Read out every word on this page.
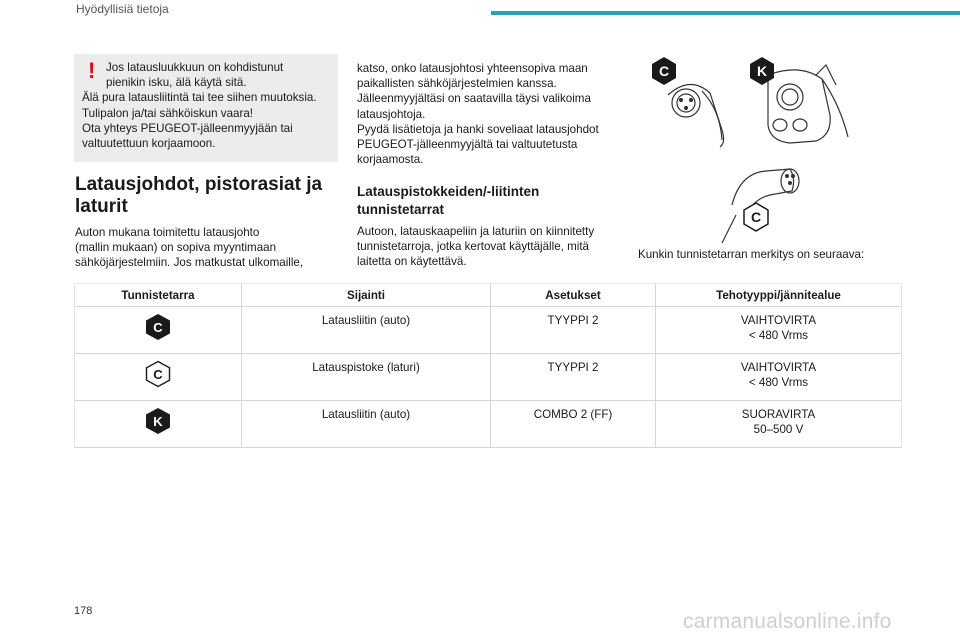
Hyödyllisiä tietoja
! Jos latausluukkuun on kohdistunut
pienikin isku, älä käytä sitä.
Älä pura latausliitintä tai tee siihen muutoksia.
Tulipalon ja/tai sähköiskun vaara!
Ota yhteys PEUGEOT-jälleenmyyjään tai
valtuutettuun korjaamoon.
Latausjohdot, pistorasiat ja laturit
Auton mukana toimitettu latausjohto
(mallin mukaan) on sopiva myyntimaan
sähköjärjestelmiin. Jos matkustat ulkomaille,
katso, onko latausjohtosi yhteensopiva maan
paikallisten sähköjärjestelmien kanssa.
Jälleenmyyjältäsi on saatavilla täysi valikoima
latausjohtoja.
Pyydä lisätietoja ja hanki soveliaat latausjohdot
PEUGEOT-jälleenmyyjältä tai valtuutetusta
korjaamosta.
Latauspistokkeiden/-liitinten
tunnistetarrat
Autoon, latauskaapeliin ja laturiin on kiinnitetty
tunnistetarroja, jotka kertovat käyttäjälle, mitä
laitetta on käytettävä.
C	K
C
Kunkin tunnistetarran merkitys on seuraava:
Tunnistetarra	Sijainti	Asetukset	Tehotyyppi/jännitealue

C	Latausliitin (auto)	TYYPPI 2	VAIHTOVIRTA
< 480 Vrms

C	Latauspistoke (laturi)	TYYPPI 2	VAIHTOVIRTA
< 480 Vrms

K	Latausliitin (auto)	COMBO 2 (FF)	SUORAVIRTA
50–500 V
178	carmanualsonline.info
